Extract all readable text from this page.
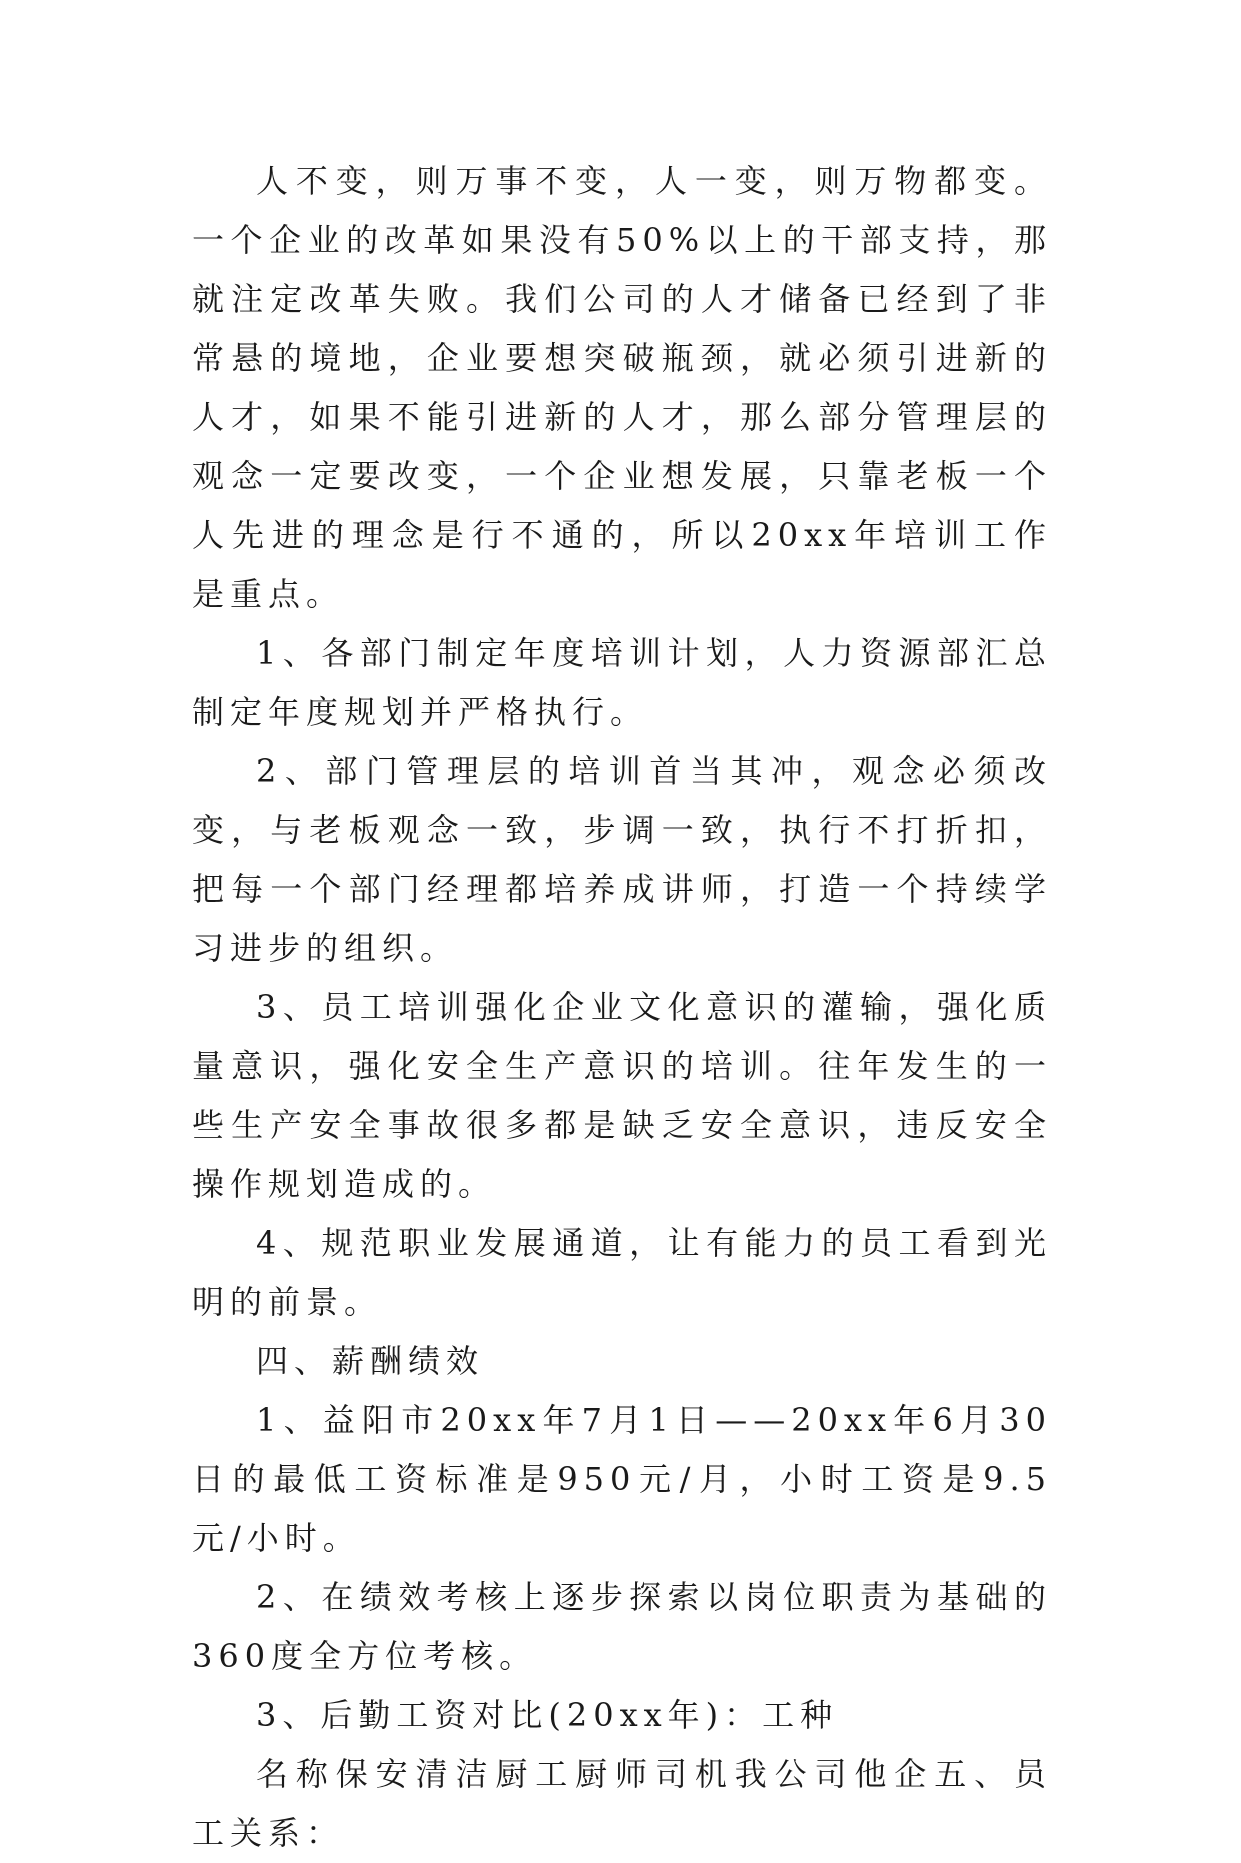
人不变，则万事不变，人一变，则万物都变。一个企业的改革如果没有50%以上的干部支持，那就注定改革失败。我们公司的人才储备已经到了非常悬的境地，企业要想突破瓶颈，就必须引进新的人才，如果不能引进新的人才，那么部分管理层的观念一定要改变，一个企业想发展，只靠老板一个人先进的理念是行不通的，所以20xx年培训工作是重点。

1、各部门制定年度培训计划，人力资源部汇总制定年度规划并严格执行。

2、部门管理层的培训首当其冲，观念必须改变，与老板观念一致，步调一致，执行不打折扣，把每一个部门经理都培养成讲师，打造一个持续学习进步的组织。

3、员工培训强化企业文化意识的灌输，强化质量意识，强化安全生产意识的培训。往年发生的一些生产安全事故很多都是缺乏安全意识，违反安全操作规划造成的。

4、规范职业发展通道，让有能力的员工看到光明的前景。

四、薪酬绩效

1、益阳市20xx年7月1日——20xx年6月30日的最低工资标准是950元/月，小时工资是9.5元/小时。

2、在绩效考核上逐步探索以岗位职责为基础的360度全方位考核。

3、后勤工资对比(20xx年)：工种

名称保安清洁厨工厨师司机我公司他企五、员工关系：
